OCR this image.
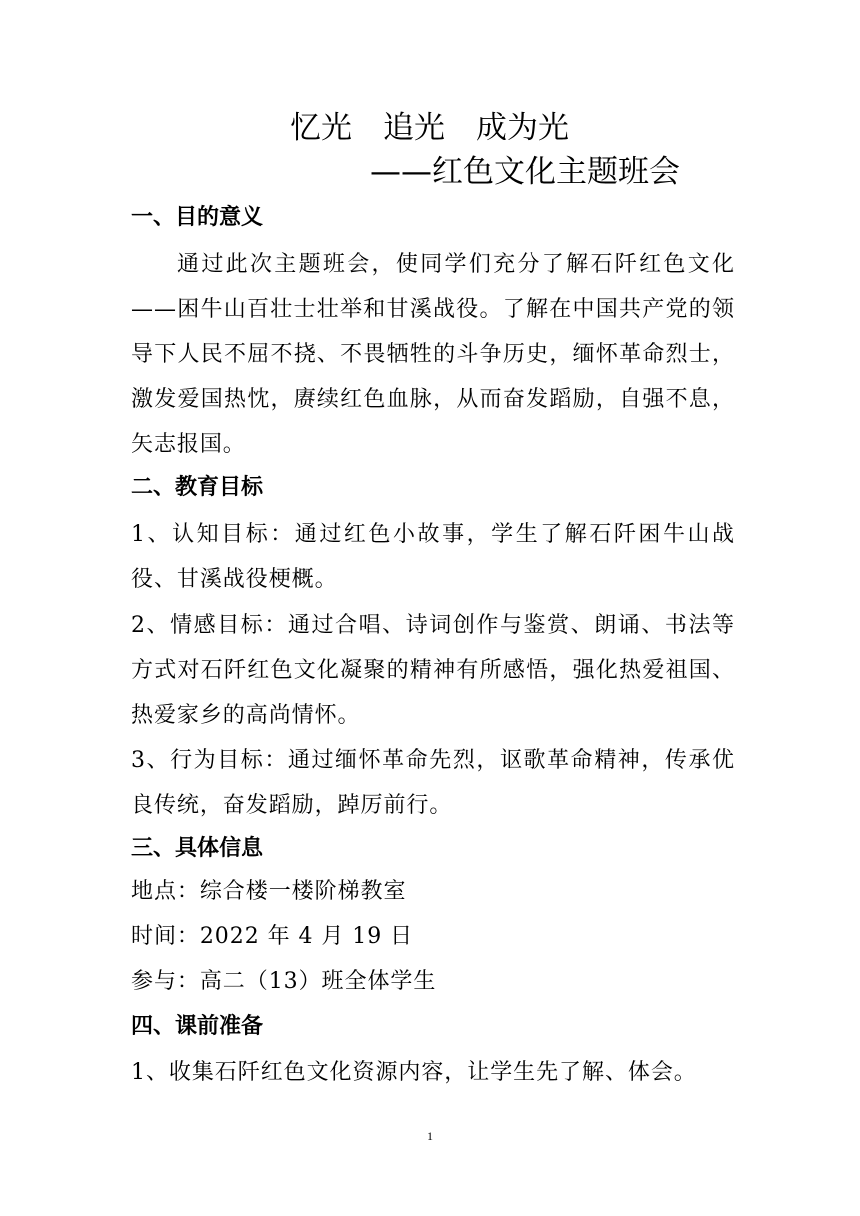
忆光　追光　成为光
——红色文化主题班会
一、目的意义
通过此次主题班会，使同学们充分了解石阡红色文化——困牛山百壮士壮举和甘溪战役。了解在中国共产党的领导下人民不屈不挠、不畏牺牲的斗争历史，缅怀革命烈士，激发爱国热忱，赓续红色血脉，从而奋发蹈励，自强不息，矢志报国。
二、教育目标
1、认知目标：通过红色小故事，学生了解石阡困牛山战役、甘溪战役梗概。
2、情感目标：通过合唱、诗词创作与鉴赏、朗诵、书法等方式对石阡红色文化凝聚的精神有所感悟，强化热爱祖国、热爱家乡的高尚情怀。
3、行为目标：通过缅怀革命先烈，讴歌革命精神，传承优良传统，奋发蹈励，踔厉前行。
三、具体信息
地点：综合楼一楼阶梯教室
时间：2022 年 4 月 19 日
参与：高二（13）班全体学生
四、课前准备
1、收集石阡红色文化资源内容，让学生先了解、体会。
1
